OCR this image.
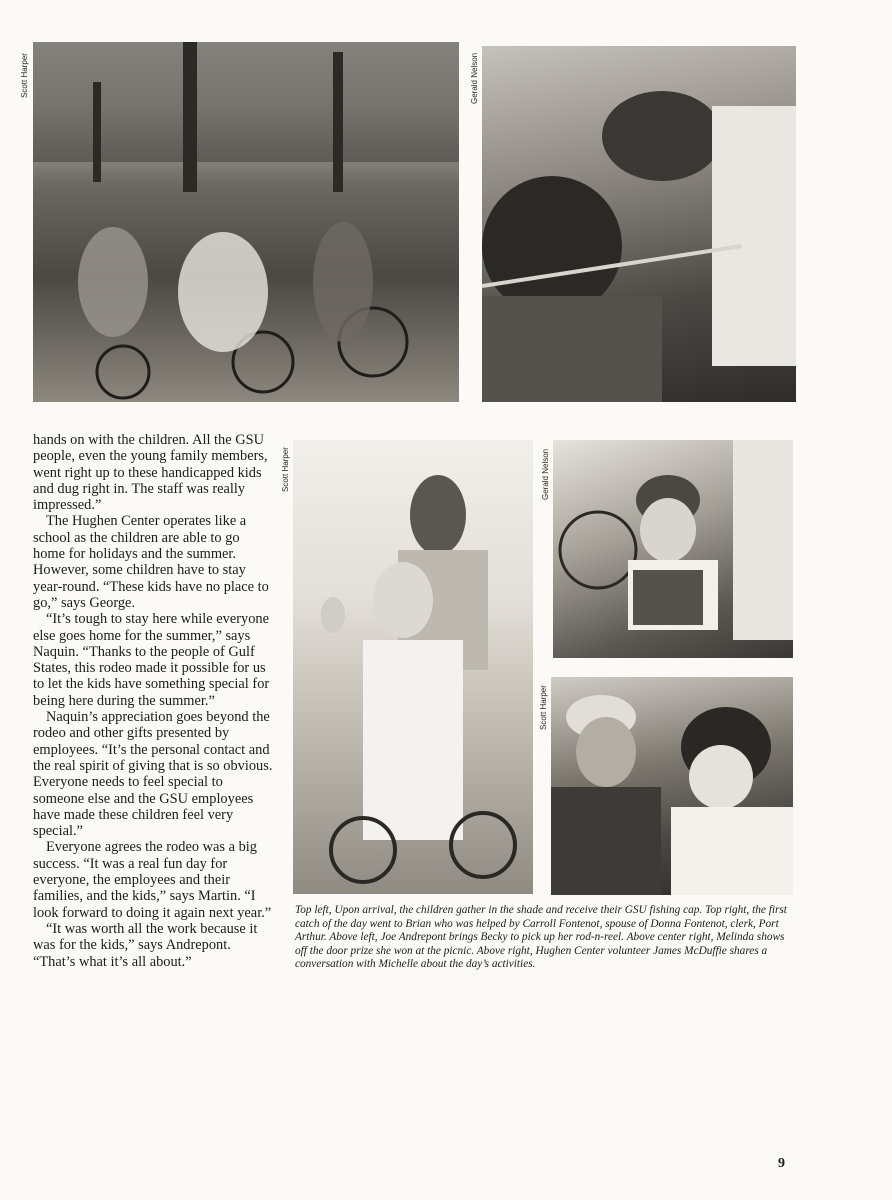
Scott Harper	Gerald Nelson

hands on with the children. All the GSU people, even the young family members, went right up to these handicapped kids and dug right in. The staff was really impressed.”

The Hughen Center operates like a school as the children are able to go home for holidays and the summer. However, some children have to stay year-round. “These kids have no place to go,” says George.

“It’s tough to stay here while everyone else goes home for the summer,” says Naquin. “Thanks to the people of Gulf States, this rodeo made it possible for us to let the kids have something special for being here during the summer.”

Naquin’s appreciation goes beyond the rodeo and other gifts presented by employees. “It’s the personal contact and the real spirit of giving that is so obvious. Everyone needs to feel special to someone else and the GSU employees have made these children feel very special.”

Everyone agrees the rodeo was a big success. “It was a real fun day for everyone, the employees and their families, and the kids,” says Martin. “I look forward to doing it again next year.”

“It was worth all the work because it was for the kids,” says Andrepont. “That’s what it’s all about.”

Scott Harper	Gerald Nelson
Scott Harper
Top left, Upon arrival, the children gather in the shade and receive their GSU fishing cap. Top right, the first catch of the day went to Brian who was helped by Carroll Fontenot, spouse of Donna Fontenot, clerk, Port Arthur. Above left, Joe Andrepont brings Becky to pick up her rod-n-reel. Above center right, Melinda shows off the door prize she won at the picnic. Above right, Hughen Center volunteer James McDuffie shares a conversation with Michelle about the day’s activities.
9
